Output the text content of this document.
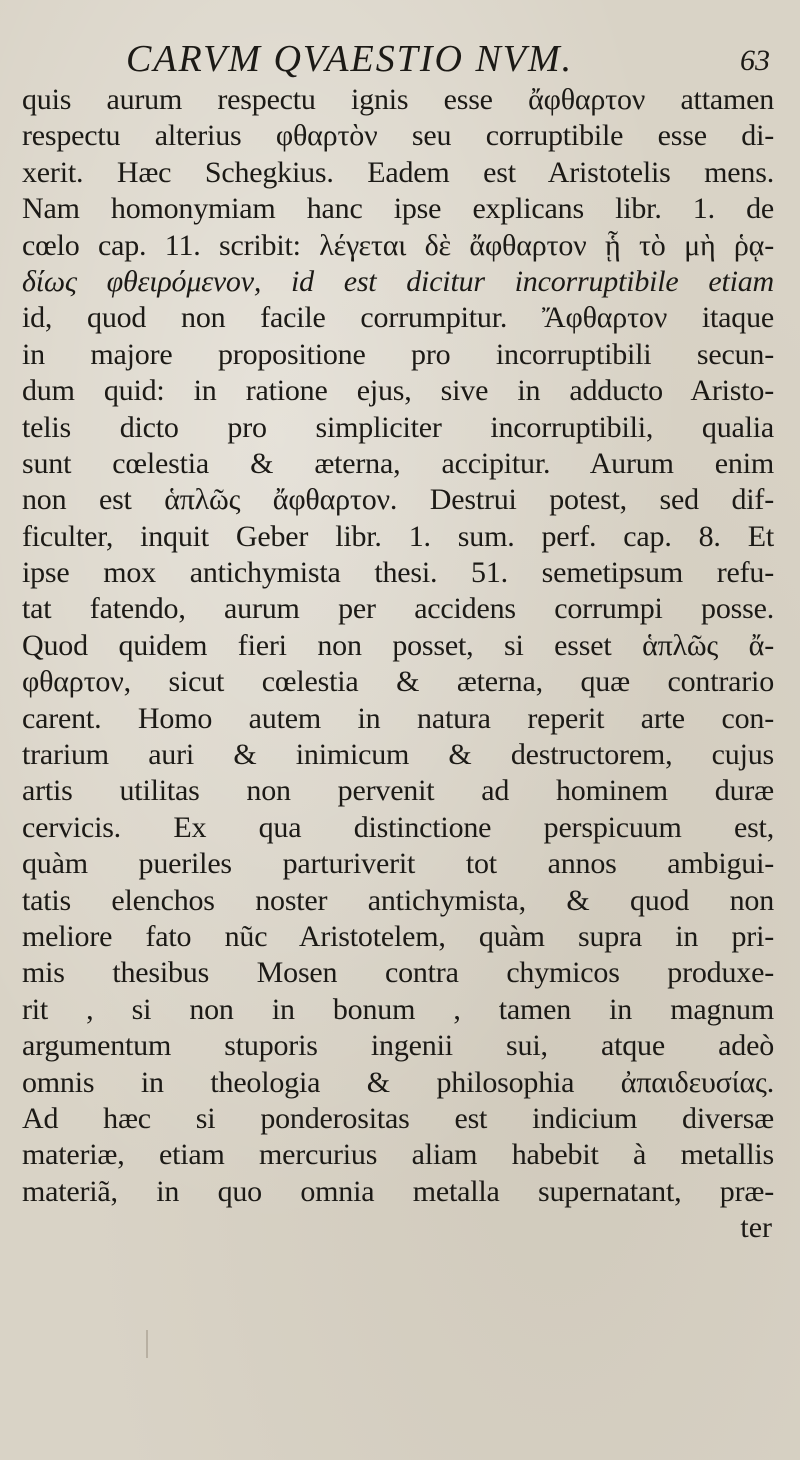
CARVM QVAESTIO NVM.	63
quis aurum respectu ignis esse ἄφθαρτον attamen
respectu alterius φθαρτὸν seu corruptibile esse di-
xerit. Hæc Schegkius. Eadem est Aristotelis mens.
Nam homonymiam hanc ipse explicans libr. 1. de
cœlo cap. 11. scribit: λέγεται δὲ ἄφθαρτον ᾗ τὸ μὴ ῥᾳ-
δίως φθειρόμενον, id est dicitur incorruptibile etiam
id, quod non facile corrumpitur. Ἄφθαρτον itaque
in majore propositione pro incorruptibili secun-
dum quid: in ratione ejus, sive in adducto Aristo-
telis dicto pro simpliciter incorruptibili, qualia
sunt cœlestia & æterna, accipitur. Aurum enim
non est ἁπλῶς ἄφθαρτον. Destrui potest, sed dif-
ficulter, inquit Geber libr. 1. sum. perf. cap. 8. Et
ipse mox antichymista thesi. 51. semetipsum refu-
tat fatendo, aurum per accidens corrumpi posse.
Quod quidem fieri non posset, si esset ἁπλῶς ἄ-
φθαρτον, sicut cœlestia & æterna, quæ contrario
carent. Homo autem in natura reperit arte con-
trarium auri & inimicum & destructorem, cujus
artis utilitas non pervenit ad hominem duræ
cervicis. Ex qua distinctione perspicuum est,
quàm pueriles parturiverit tot annos ambigui-
tatis elenchos noster antichymista, & quod non
meliore fato nũc Aristotelem, quàm supra in pri-
mis thesibus Mosen contra chymicos produxe-
rit , si non in bonum , tamen in magnum
argumentum stuporis ingenii sui, atque adeò
omnis in theologia & philosophia ἀπαιδευσίας.
Ad hæc si ponderositas est indicium diversæ
materiæ, etiam mercurius aliam habebit à metallis
materiã, in quo omnia metalla supernatant, præ-
ter
